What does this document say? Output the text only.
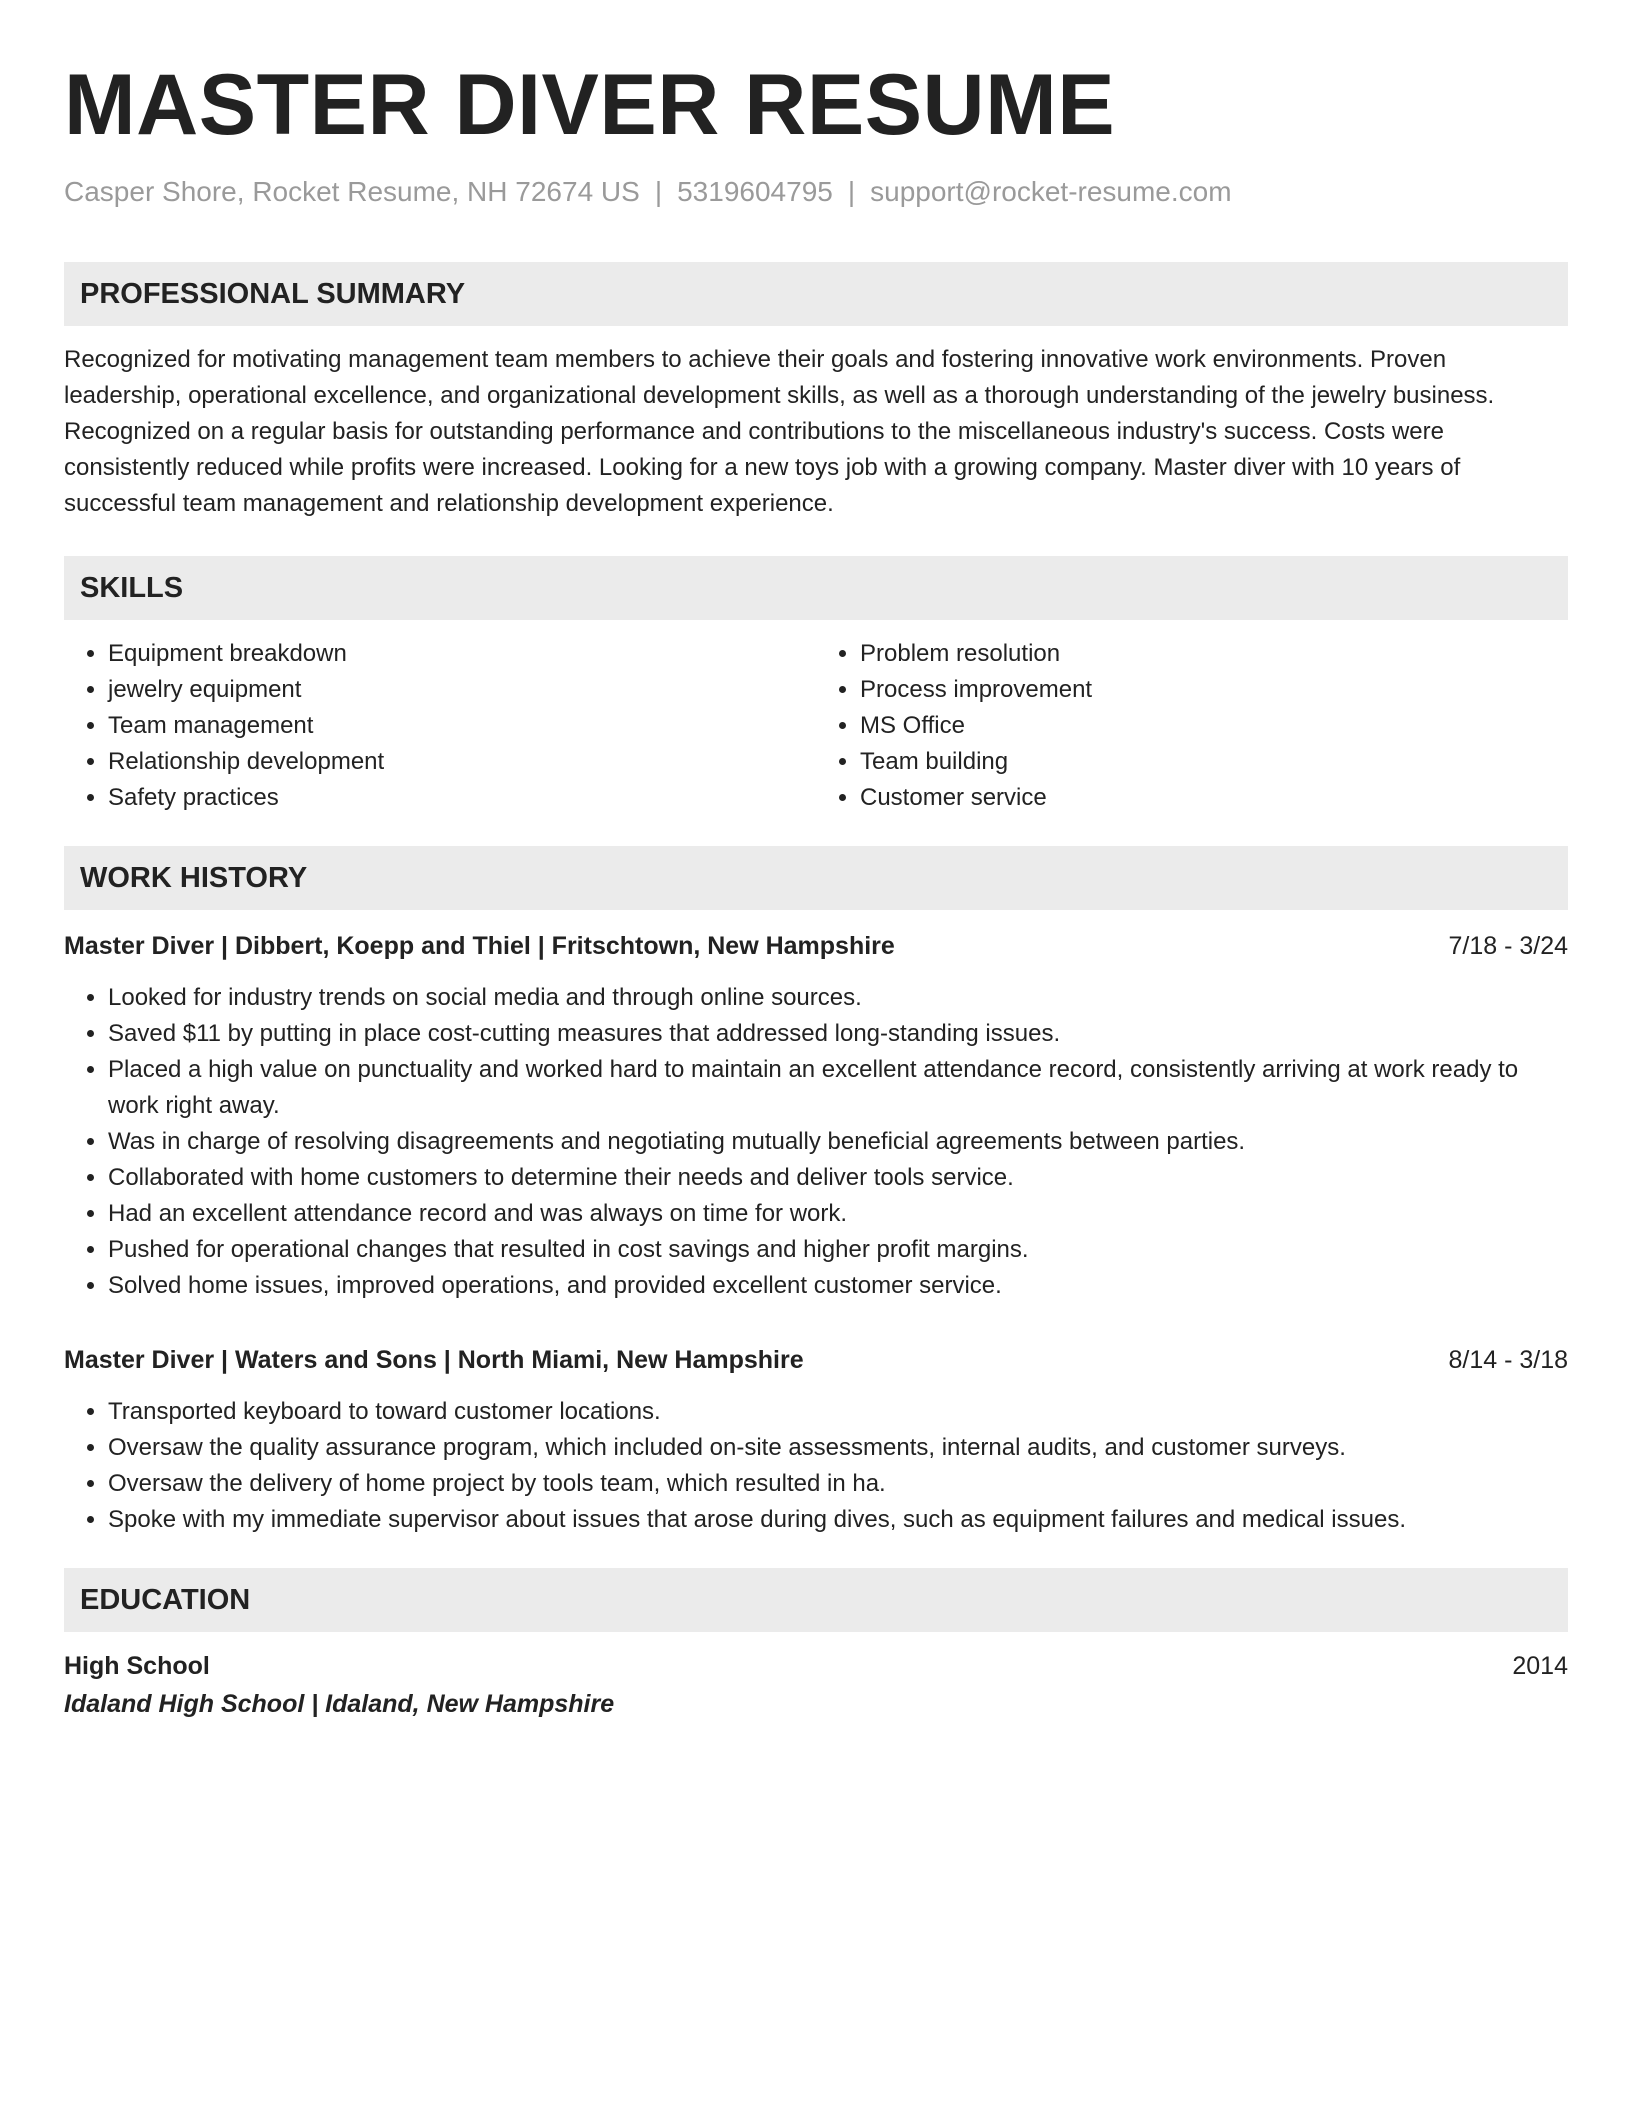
MASTER DIVER RESUME
Casper Shore, Rocket Resume, NH 72674 US | 5319604795 | support@rocket-resume.com
PROFESSIONAL SUMMARY
Recognized for motivating management team members to achieve their goals and fostering innovative work environments. Proven leadership, operational excellence, and organizational development skills, as well as a thorough understanding of the jewelry business. Recognized on a regular basis for outstanding performance and contributions to the miscellaneous industry's success. Costs were consistently reduced while profits were increased. Looking for a new toys job with a growing company. Master diver with 10 years of successful team management and relationship development experience.
SKILLS
• Equipment breakdown
• jewelry equipment
• Team management
• Relationship development
• Safety practices
• Problem resolution
• Process improvement
• MS Office
• Team building
• Customer service
WORK HISTORY
Master Diver | Dibbert, Koepp and Thiel | Fritschtown, New Hampshire	7/18 - 3/24
• Looked for industry trends on social media and through online sources.
• Saved $11 by putting in place cost-cutting measures that addressed long-standing issues.
• Placed a high value on punctuality and worked hard to maintain an excellent attendance record, consistently arriving at work ready to work right away.
• Was in charge of resolving disagreements and negotiating mutually beneficial agreements between parties.
• Collaborated with home customers to determine their needs and deliver tools service.
• Had an excellent attendance record and was always on time for work.
• Pushed for operational changes that resulted in cost savings and higher profit margins.
• Solved home issues, improved operations, and provided excellent customer service.
Master Diver | Waters and Sons | North Miami, New Hampshire	8/14 - 3/18
• Transported keyboard to toward customer locations.
• Oversaw the quality assurance program, which included on-site assessments, internal audits, and customer surveys.
• Oversaw the delivery of home project by tools team, which resulted in ha.
• Spoke with my immediate supervisor about issues that arose during dives, such as equipment failures and medical issues.
EDUCATION
High School	2014
Idaland High School | Idaland, New Hampshire
